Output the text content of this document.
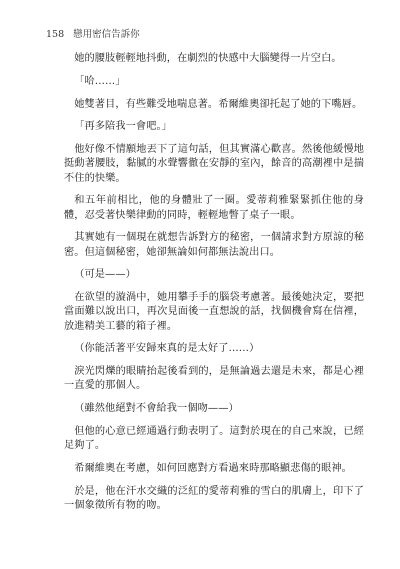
158 戀用密信告訴你

她的腰肢輕輕地抖動，在劇烈的快感中大腦變得一片空白。

「哈……」

她雙著目，有些難受地喘息著。希爾維奧卻托起了她的下嘴唇。

「再多陪我一會吧。」

他好像不情願地丟下了這句話，但其實滿心歡喜。然後他緩慢地挺動著腰肢，黏膩的水聲響徹在安靜的室內，餘音的高潮裡中是揣不住的快樂。

和五年前相比，他的身體壯了一圈。愛蒂莉雅緊緊抓住他的身體，忍受著快樂律動的同時，輕輕地瞥了桌子一眼。

其實她有一個現在就想告訴對方的秘密，一個請求對方原諒的秘密。但這個秘密，她卻無論如何都無法說出口。

（可是——）

在欲望的漩渦中，她用攀手手的腦袋考慮著。最後她決定，要把當面難以說出口，再次見面後一直想說的話，找個機會寫在信裡，放進精美工藝的箱子裡。

（你能活著平安歸來真的是太好了……）

淚光閃爍的眼睛抬起後看到的，是無論過去還是未來，都是心裡一直愛的那個人。

（雖然他絕對不會給我一個吻——）

但他的心意已經通過行動表明了。這對於現在的自己來說，已經足夠了。

希爾維奧在考慮，如何回應對方看過來時那略顯悲傷的眼神。

於是，他在汗水交織的泛紅的愛蒂莉雅的雪白的肌膚上，印下了一個象徵所有物的吻。
